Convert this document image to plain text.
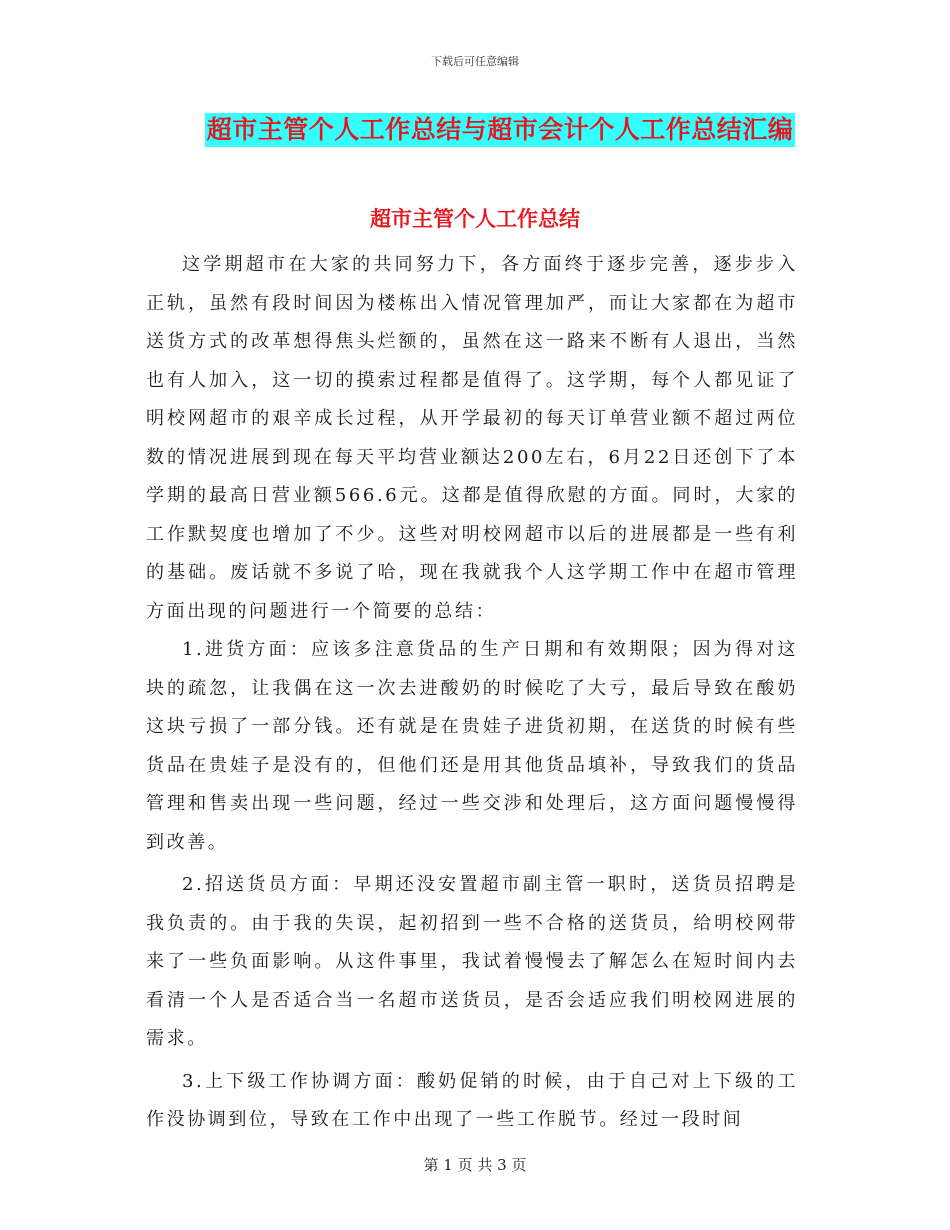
下载后可任意编辑
超市主管个人工作总结与超市会计个人工作总结汇编
超市主管个人工作总结

这学期超市在大家的共同努力下，各方面终于逐步完善，逐步步入正轨，虽然有段时间因为楼栋出入情况管理加严，而让大家都在为超市送货方式的改革想得焦头烂额的，虽然在这一路来不断有人退出，当然也有人加入，这一切的摸索过程都是值得了。这学期，每个人都见证了明校网超市的艰辛成长过程，从开学最初的每天订单营业额不超过两位数的情况进展到现在每天平均营业额达200左右，6月22日还创下了本学期的最高日营业额566.6元。这都是值得欣慰的方面。同时，大家的工作默契度也增加了不少。这些对明校网超市以后的进展都是一些有利的基础。废话就不多说了哈，现在我就我个人这学期工作中在超市管理方面出现的问题进行一个简要的总结：

1.进货方面：应该多注意货品的生产日期和有效期限；因为得对这块的疏忽，让我偶在这一次去进酸奶的时候吃了大亏，最后导致在酸奶这块亏损了一部分钱。还有就是在贵娃子进货初期，在送货的时候有些货品在贵娃子是没有的，但他们还是用其他货品填补，导致我们的货品管理和售卖出现一些问题，经过一些交涉和处理后，这方面问题慢慢得到改善。

2.招送货员方面：早期还没安置超市副主管一职时，送货员招聘是我负责的。由于我的失误，起初招到一些不合格的送货员，给明校网带来了一些负面影响。从这件事里，我试着慢慢去了解怎么在短时间内去看清一个人是否适合当一名超市送货员，是否会适应我们明校网进展的需求。

3.上下级工作协调方面：酸奶促销的时候，由于自己对上下级的工作没协调到位，导致在工作中出现了一些工作脱节。经过一段时间

第 1 页 共 3 页
